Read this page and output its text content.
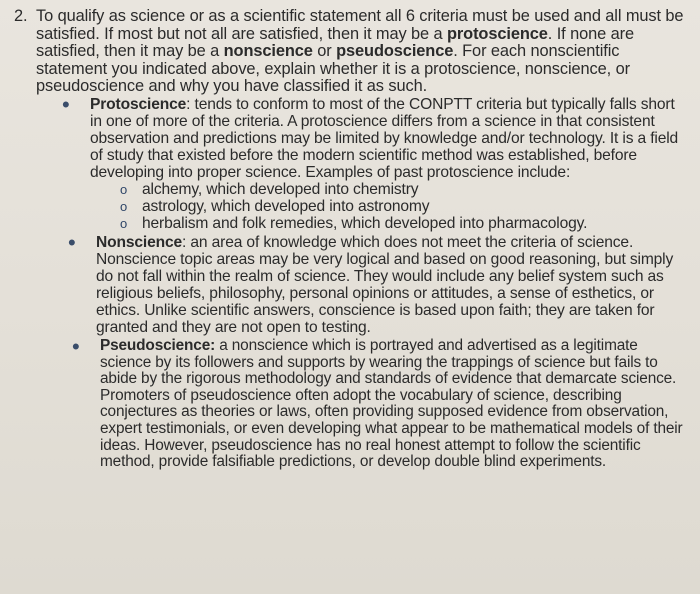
2. To qualify as science or as a scientific statement all 6 criteria must be used and all must be satisfied. If most but not all are satisfied, then it may be a protoscience. If none are satisfied, then it may be a nonscience or pseudoscience. For each nonscientific statement you indicated above, explain whether it is a protoscience, nonscience, or pseudoscience and why you have classified it as such.
•	Protoscience: tends to conform to most of the CONPTT criteria but typically falls short in one of more of the criteria. A protoscience differs from a science in that consistent observation and predictions may be limited by knowledge and/or technology. It is a field of study that existed before the modern scientific method was established, before developing into proper science. Examples of past protoscience include:
o alchemy, which developed into chemistry
o astrology, which developed into astronomy
o herbalism and folk remedies, which developed into pharmacology.
•	Nonscience: an area of knowledge which does not meet the criteria of science. Nonscience topic areas may be very logical and based on good reasoning, but simply do not fall within the realm of science. They would include any belief system such as religious beliefs, philosophy, personal opinions or attitudes, a sense of esthetics, or ethics. Unlike scientific answers, conscience is based upon faith; they are taken for granted and they are not open to testing.
•	Pseudoscience: a nonscience which is portrayed and advertised as a legitimate science by its followers and supports by wearing the trappings of science but fails to abide by the rigorous methodology and standards of evidence that demarcate science. Promoters of pseudoscience often adopt the vocabulary of science, describing conjectures as theories or laws, often providing supposed evidence from observation, expert testimonials, or even developing what appear to be mathematical models of their ideas. However, pseudoscience has no real honest attempt to follow the scientific method, provide falsifiable predictions, or develop double blind experiments.
